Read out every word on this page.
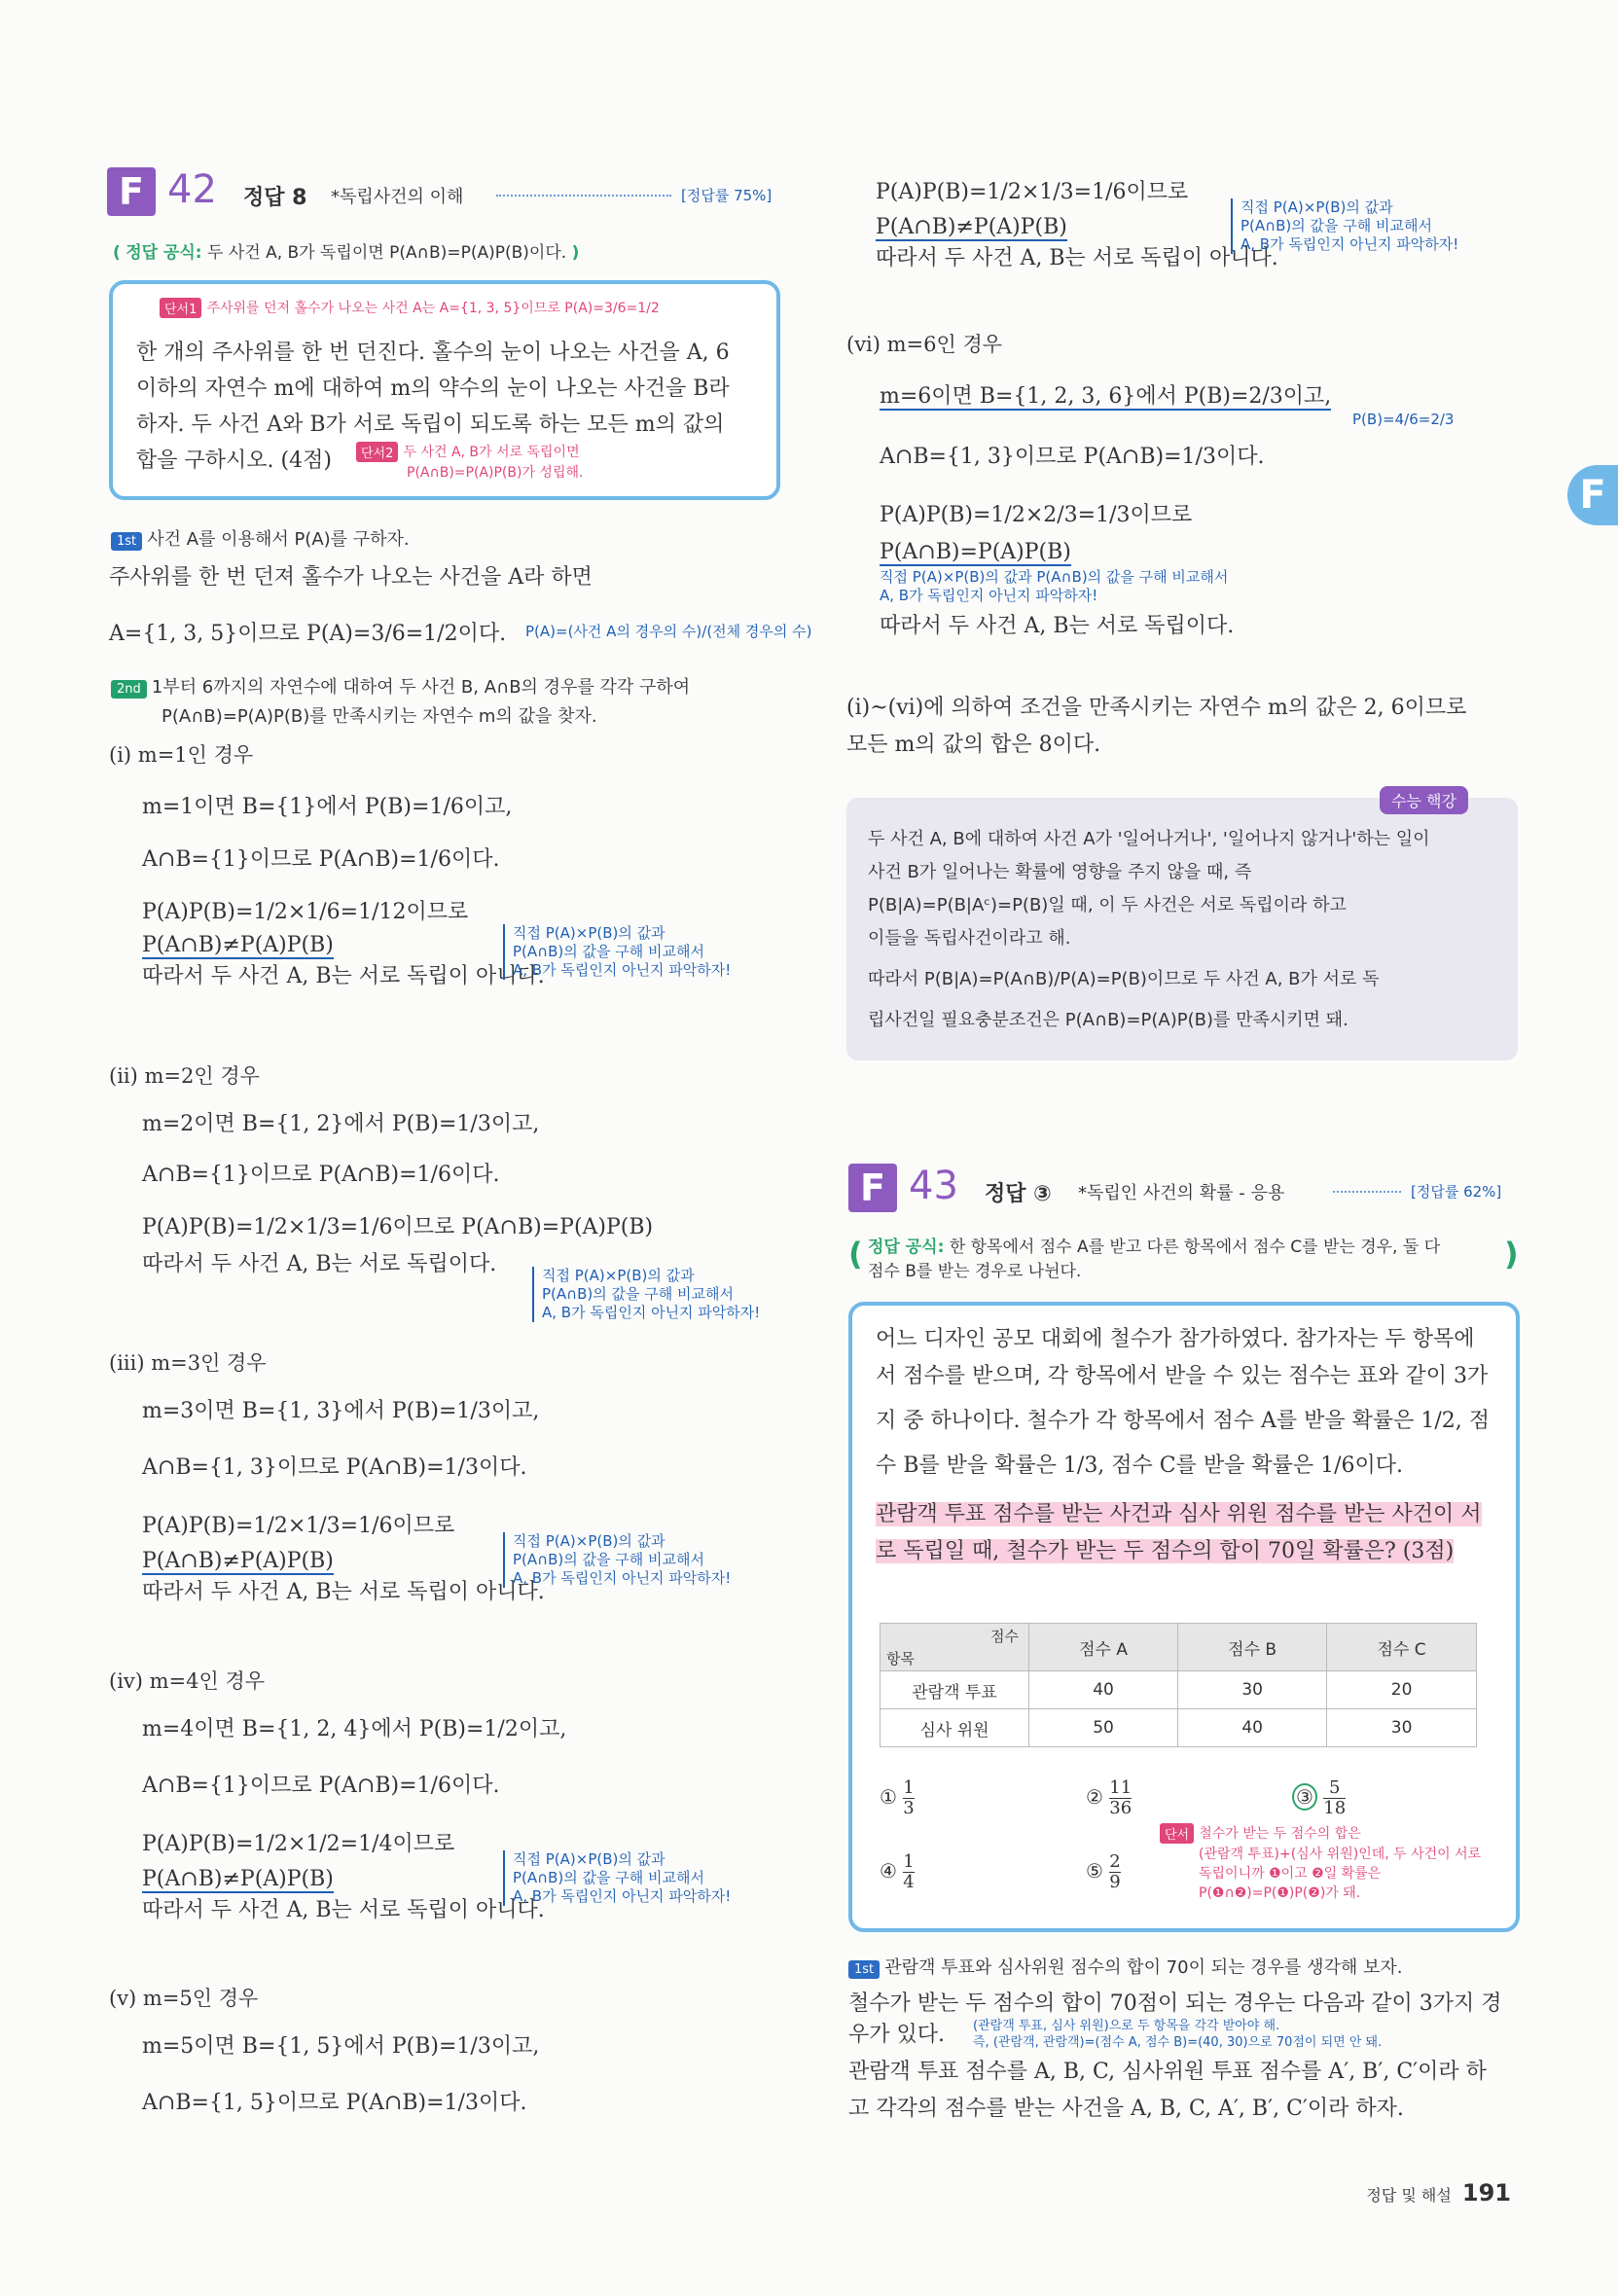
F 42 정답 8 *독립사건의 이해	[정답률 75%]
( 정답 공식: 두 사건 A, B가 독립이면 P(A∩B)=P(A)P(B)이다. )
단서1 주사위를 던져 홀수가 나오는 사건 A는 A={1, 3, 5}이므로 P(A)=3/6=1/2
한 개의 주사위를 한 번 던진다. 홀수의 눈이 나오는 사건을 A, 6
이하의 자연수 m에 대하여 m의 약수의 눈이 나오는 사건을 B라
하자. 두 사건 A와 B가 서로 독립이 되도록 하는 모든 m의 값의
합을 구하시오. (4점)	단서2 두 사건 A, B가 서로 독립이면
P(A∩B)=P(A)P(B)가 성립해.
1st 사건 A를 이용해서 P(A)를 구하자.
주사위를 한 번 던져 홀수가 나오는 사건을 A라 하면
A={1, 3, 5}이므로 P(A)=3/6=1/2이다. P(A)=(사건 A의 경우의 수)/(전체 경우의 수)
2nd 1부터 6까지의 자연수에 대하여 두 사건 B, A∩B의 경우를 각각 구하여
P(A∩B)=P(A)P(B)를 만족시키는 자연수 m의 값을 찾자.
(i) m=1인 경우
m=1이면 B={1}에서 P(B)=1/6이고,
A∩B={1}이므로 P(A∩B)=1/6이다.
P(A)P(B)=1/2×1/6=1/12이므로
P(A∩B)≠P(A)P(B)
따라서 두 사건 A, B는 서로 독립이 아니다.
직접 P(A)×P(B)의 값과
P(A∩B)의 값을 구해 비교해서
A, B가 독립인지 아닌지 파악하자!
(ii) m=2인 경우
m=2이면 B={1, 2}에서 P(B)=1/3이고,
A∩B={1}이므로 P(A∩B)=1/6이다.
P(A)P(B)=1/2×1/3=1/6이므로 P(A∩B)=P(A)P(B)
따라서 두 사건 A, B는 서로 독립이다.	직접 P(A)×P(B)의 값과
P(A∩B)의 값을 구해 비교해서
A, B가 독립인지 아닌지 파악하자!
(iii) m=3인 경우
m=3이면 B={1, 3}에서 P(B)=1/3이고,
A∩B={1, 3}이므로 P(A∩B)=1/3이다.
P(A)P(B)=1/2×1/3=1/6이므로
P(A∩B)≠P(A)P(B)
따라서 두 사건 A, B는 서로 독립이 아니다.
직접 P(A)×P(B)의 값과
P(A∩B)의 값을 구해 비교해서
A, B가 독립인지 아닌지 파악하자!
(iv) m=4인 경우
m=4이면 B={1, 2, 4}에서 P(B)=1/2이고,
A∩B={1}이므로 P(A∩B)=1/6이다.
P(A)P(B)=1/2×1/2=1/4이므로
P(A∩B)≠P(A)P(B)
따라서 두 사건 A, B는 서로 독립이 아니다.
직접 P(A)×P(B)의 값과
P(A∩B)의 값을 구해 비교해서
A, B가 독립인지 아닌지 파악하자!
(v) m=5인 경우
m=5이면 B={1, 5}에서 P(B)=1/3이고,
A∩B={1, 5}이므로 P(A∩B)=1/3이다.
P(A)P(B)=1/2×1/3=1/6이므로
P(A∩B)≠P(A)P(B)
따라서 두 사건 A, B는 서로 독립이 아니다.
직접 P(A)×P(B)의 값과
P(A∩B)의 값을 구해 비교해서
A, B가 독립인지 아닌지 파악하자!
(vi) m=6인 경우
m=6이면 B={1, 2, 3, 6}에서 P(B)=2/3이고,
P(B)=4/6=2/3
A∩B={1, 3}이므로 P(A∩B)=1/3이다.
P(A)P(B)=1/2×2/3=1/3이므로
P(A∩B)=P(A)P(B)
직접 P(A)×P(B)의 값과 P(A∩B)의 값을 구해 비교해서
A, B가 독립인지 아닌지 파악하자!
따라서 두 사건 A, B는 서로 독립이다.
(i)~(vi)에 의하여 조건을 만족시키는 자연수 m의 값은 2, 6이므로
모든 m의 값의 합은 8이다.
수능 핵강
두 사건 A, B에 대하여 사건 A가 '일어나거나', '일어나지 않거나'하는 일이
사건 B가 일어나는 확률에 영향을 주지 않을 때, 즉
P(B|A)=P(B|Aᶜ)=P(B)일 때, 이 두 사건은 서로 독립이라 하고
이들을 독립사건이라고 해.
따라서 P(B|A)=P(A∩B)/P(A)=P(B)이므로 두 사건 A, B가 서로 독
립사건일 필요충분조건은 P(A∩B)=P(A)P(B)를 만족시키면 돼.
F 43 정답 ③ *독립인 사건의 확률 - 응용	[정답률 62%]
( 정답 공식: 한 항목에서 점수 A를 받고 다른 항목에서 점수 C를 받는 경우, 둘 다
점수 B를 받는 경우로 나뉜다.	)
어느 디자인 공모 대회에 철수가 참가하였다. 참가자는 두 항목에
서 점수를 받으며, 각 항목에서 받을 수 있는 점수는 표와 같이 3가
지 중 하나이다. 철수가 각 항목에서 점수 A를 받을 확률은 1/2, 점
수 B를 받을 확률은 1/3, 점수 C를 받을 확률은 1/6이다.
관람객 투표 점수를 받는 사건과 심사 위원 점수를 받는 사건이 서
로 독립일 때, 철수가 받는 두 점수의 합이 70일 확률은? (3점)
점수
항목	점수 A	점수 B	점수 C
관람객 투표	40	30	20
심사 위원	50	40	30
① $\frac{1}{3}$	② $\frac{11}{36}$	③ $\frac{5}{18}$
④ $\frac{1}{4}$	⑤ $\frac{2}{9}$
단서 철수가 받는 두 점수의 합은
(관람객 투표)+(심사 위원)인데, 두 사건이 서로
독립이니까 ❶이고 ❷일 확률은
P(❶∩❷)=P(❶)P(❷)가 돼.
1st 관람객 투표와 심사위원 점수의 합이 70이 되는 경우를 생각해 보자.
철수가 받는 두 점수의 합이 70점이 되는 경우는 다음과 같이 3가지 경
우가 있다.
관람객 투표 점수를 A, B, C, 심사위원 투표 점수를 A′, B′, C′이라 하
고 각각의 점수를 받는 사건을 A, B, C, A′, B′, C′이라 하자.
(관람객 투표, 심사 위원)으로 두 항목을 각각 받아야 해.
즉, (관람객, 관람객)=(점수 A, 점수 B)=(40, 30)으로 70점이 되면 안 돼.
F
정답 및 해설 191
